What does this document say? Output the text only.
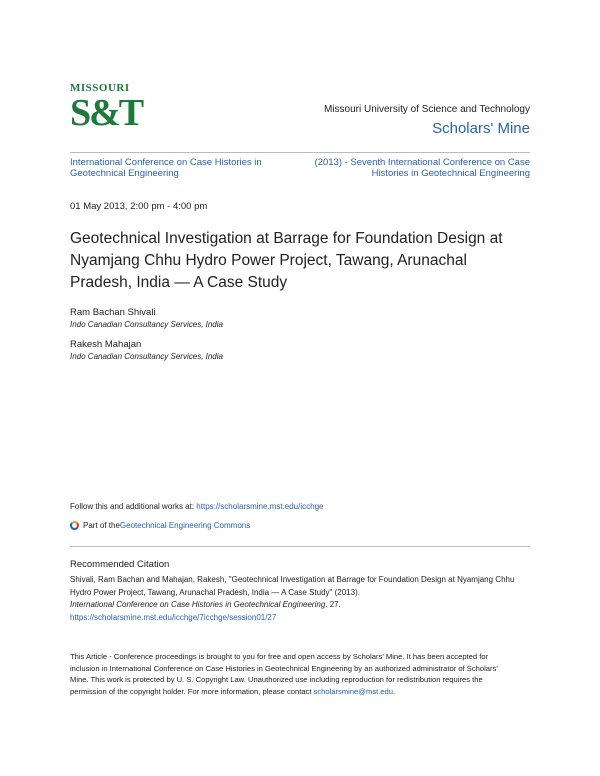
MISSOURI
S&T	Missouri University of Science and Technology
Scholars' Mine
International Conference on Case Histories in Geotechnical Engineering
(2013) - Seventh International Conference on Case Histories in Geotechnical Engineering
01 May 2013, 2:00 pm - 4:00 pm
Geotechnical Investigation at Barrage for Foundation Design at Nyamjang Chhu Hydro Power Project, Tawang, Arunachal Pradesh, India — A Case Study
Ram Bachan Shivali
Indo Canadian Consultancy Services, India
Rakesh Mahajan
Indo Canadian Consultancy Services, India
Follow this and additional works at: https://scholarsmine.mst.edu/icchge
Part of the Geotechnical Engineering Commons
Recommended Citation
Shivali, Ram Bachan and Mahajan, Rakesh, "Geotechnical Investigation at Barrage for Foundation Design at Nyamjang Chhu Hydro Power Project, Tawang, Arunachal Pradesh, India — A Case Study" (2013).
International Conference on Case Histories in Geotechnical Engineering. 27.
https://scholarsmine.mst.edu/icchge/7icchge/session01/27
This Article - Conference proceedings is brought to you for free and open access by Scholars' Mine. It has been accepted for inclusion in International Conference on Case Histories in Geotechnical Engineering by an authorized administrator of Scholars' Mine. This work is protected by U. S. Copyright Law. Unauthorized use including reproduction for redistribution requires the permission of the copyright holder. For more information, please contact scholarsmine@mst.edu.
